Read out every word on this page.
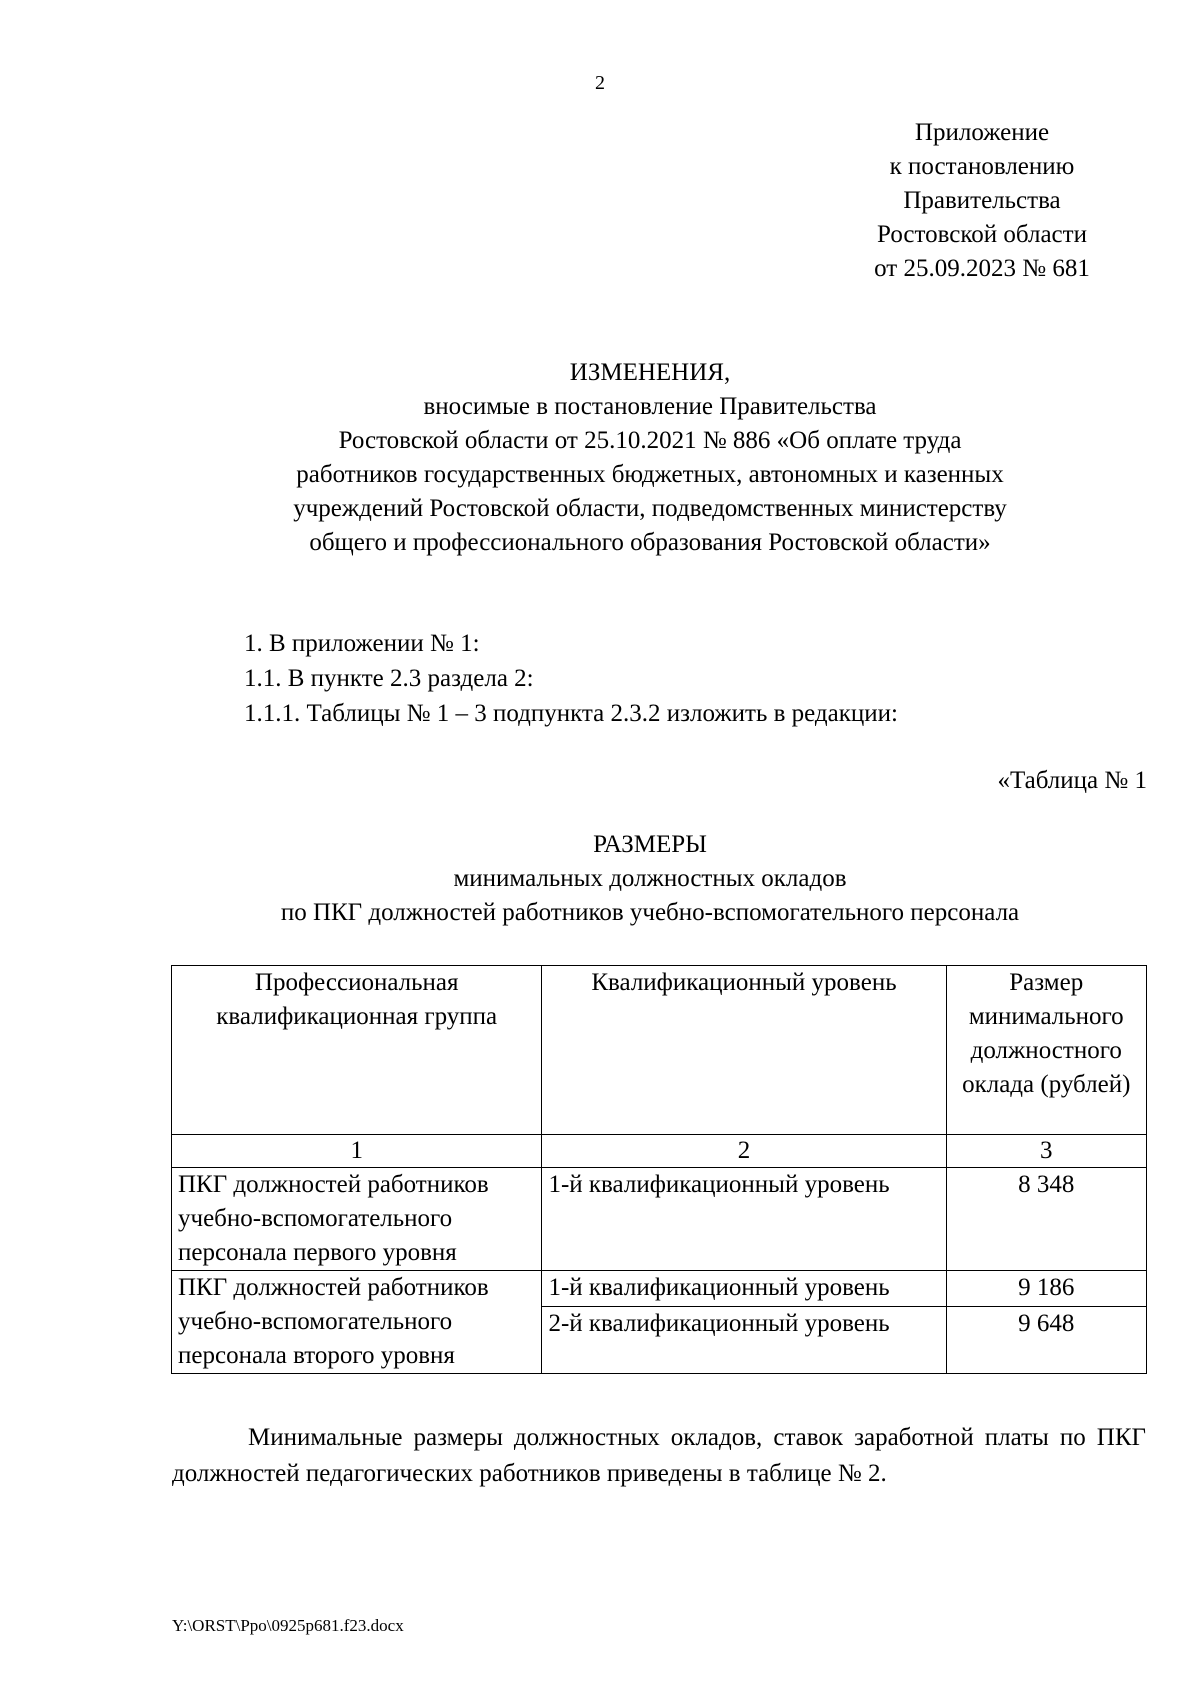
2
Приложение
к постановлению
Правительства
Ростовской области
от 25.09.2023 № 681
ИЗМЕНЕНИЯ,
вносимые в постановление Правительства
Ростовской области от 25.10.2021 № 886 «Об оплате труда
работников государственных бюджетных, автономных и казенных
учреждений Ростовской области, подведомственных министерству
общего и профессионального образования Ростовской области»
1. В приложении № 1:
1.1. В пункте 2.3 раздела 2:
1.1.1. Таблицы № 1 – 3 подпункта 2.3.2 изложить в редакции:
«Таблица № 1
РАЗМЕРЫ
минимальных должностных окладов
по ПКГ должностей работников учебно-вспомогательного персонала
Профессиональная квалификационная группа	Квалификационный уровень	Размер минимального должностного оклада (рублей)
1	2	3
ПКГ должностей работников учебно-вспомогательного персонала первого уровня	1-й квалификационный уровень	8 348
ПКГ должностей работников учебно-вспомогательного персонала второго уровня	1-й квалификационный уровень	9 186
	2-й квалификационный уровень	9 648

Минимальные размеры должностных окладов, ставок заработной платы по ПКГ должностей педагогических работников приведены в таблице № 2.

Y:\ORST\Ppo\0925p681.f23.docx
